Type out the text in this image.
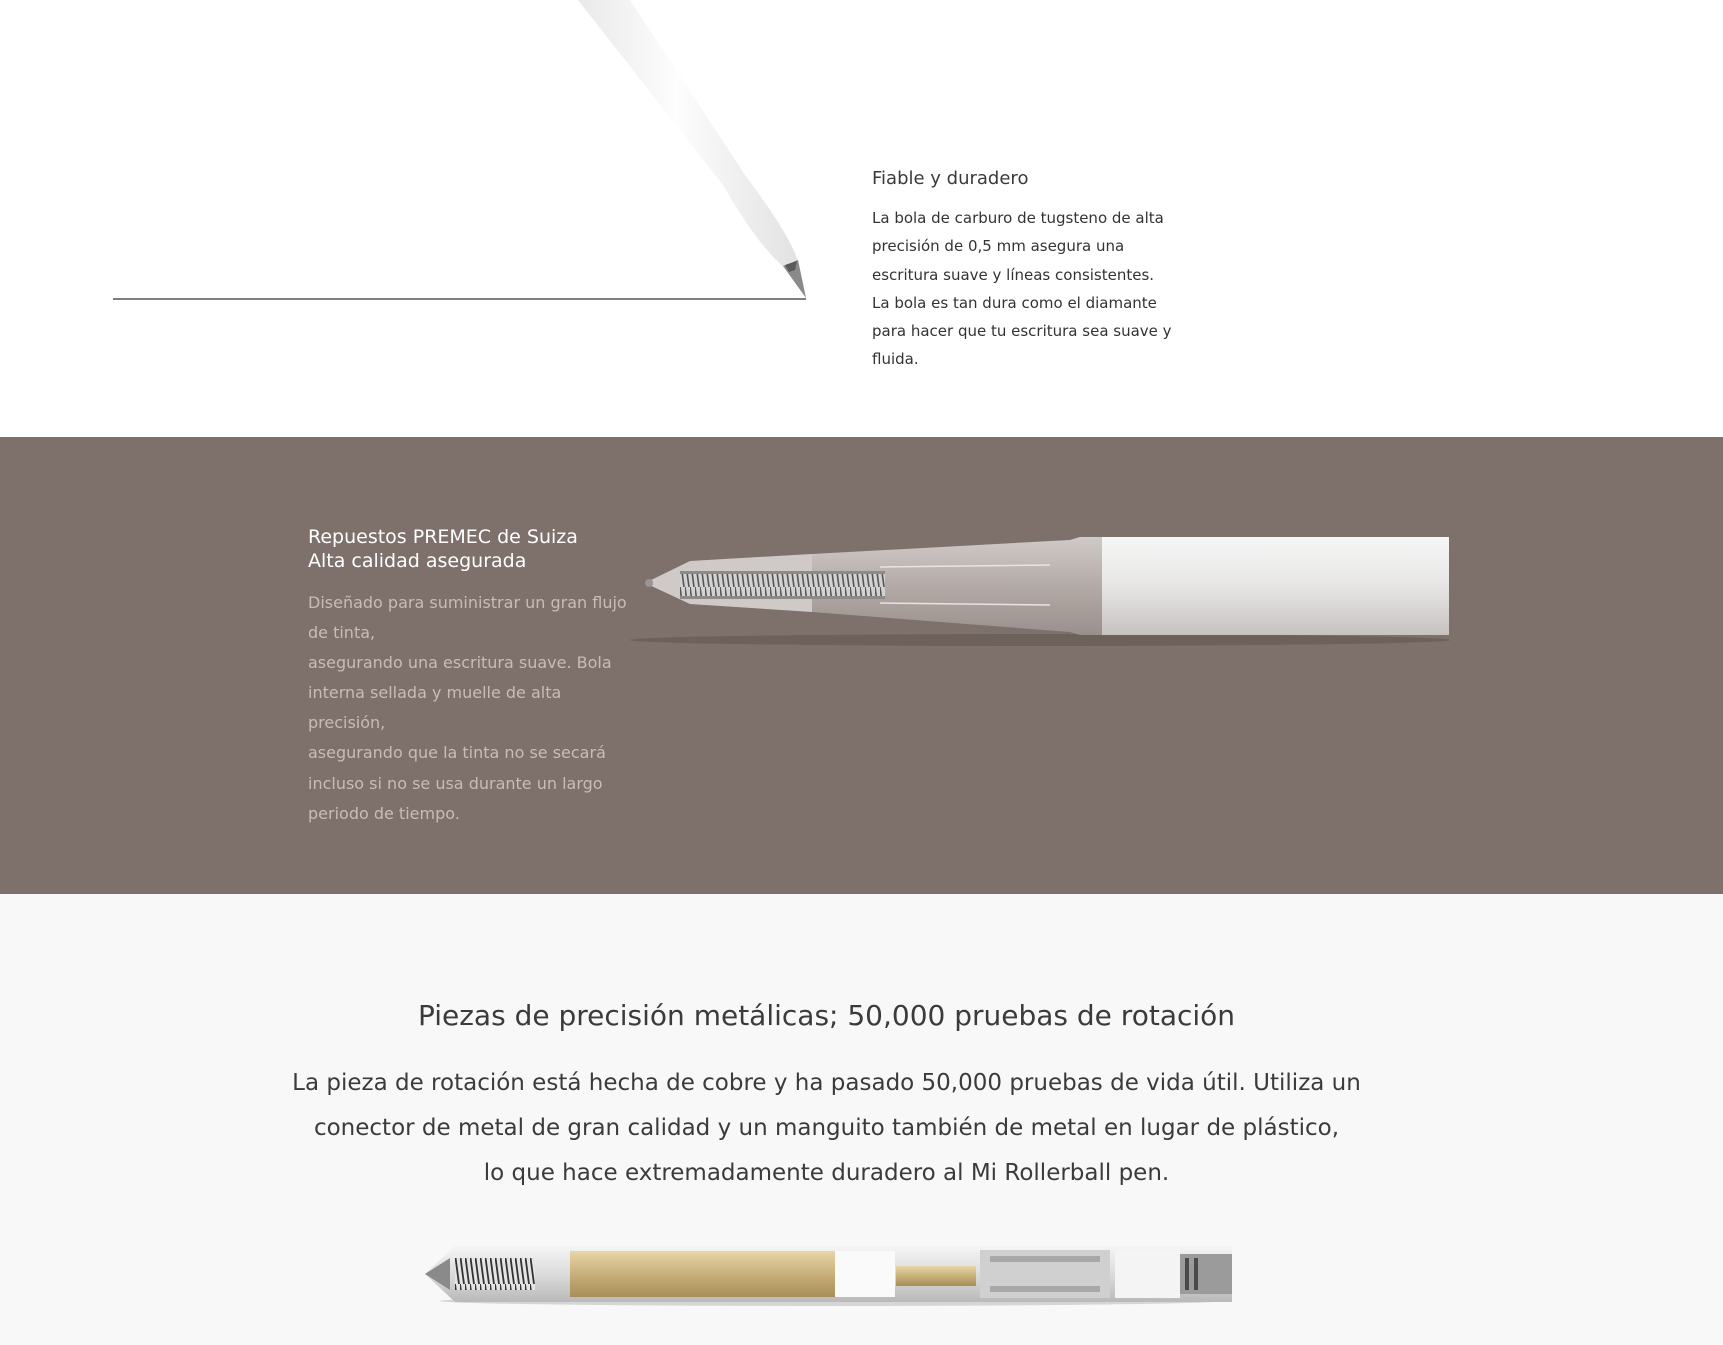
Fiable y duradero

La bola de carburo de tugsteno de alta precisión de 0,5 mm asegura una escritura suave y líneas consistentes. La bola es tan dura como el diamante para hacer que tu escritura sea suave y fluida.

Repuestos PREMEC de Suiza
Alta calidad asegurada
Diseñado para suministrar un gran flujo de tinta,
asegurando una escritura suave. Bola interna sellada y muelle de alta precisión,
asegurando que la tinta no se secará incluso si no se usa durante un largo periodo de tiempo.
Piezas de precisión metálicas; 50,000 pruebas de rotación
La pieza de rotación está hecha de cobre y ha pasado 50,000 pruebas de vida útil. Utiliza un
conector de metal de gran calidad y un manguito también de metal en lugar de plástico,
lo que hace extremadamente duradero al Mi Rollerball pen.
